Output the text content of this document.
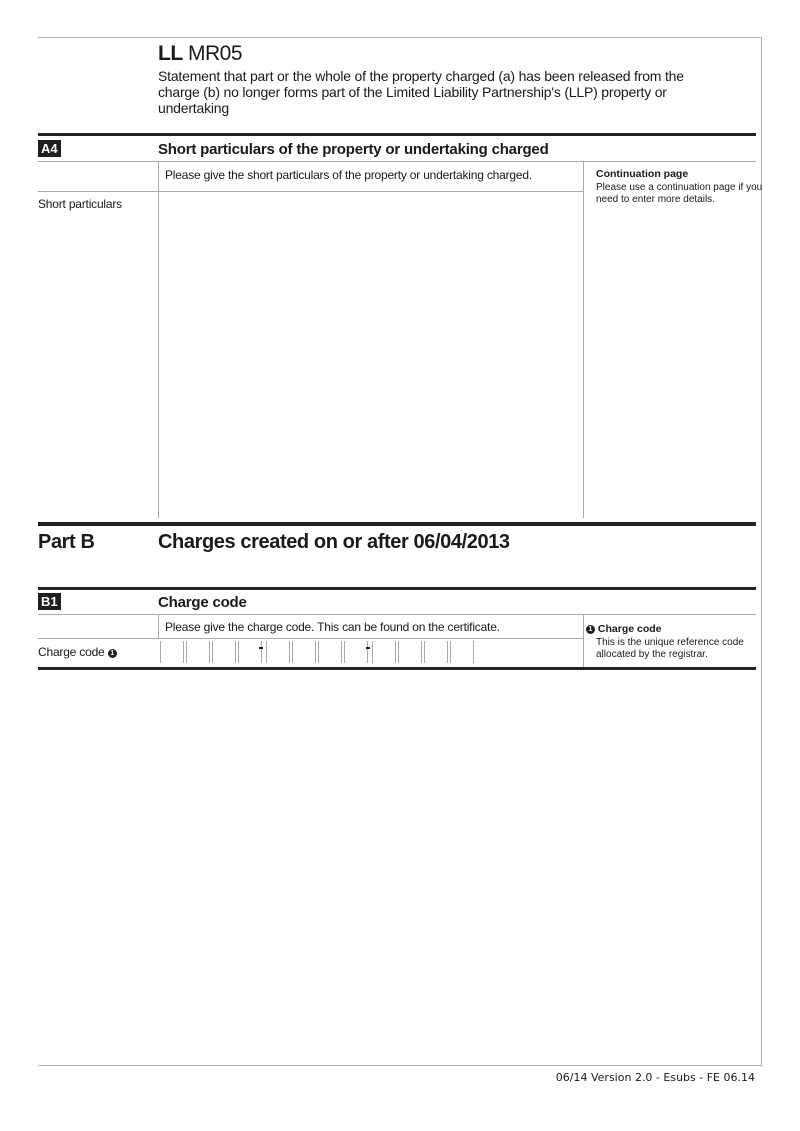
LL MR05
Statement that part or the whole of the property charged (a) has been released from the charge (b) no longer forms part of the Limited Liability Partnership's (LLP) property or undertaking
A4	Short particulars of the property or undertaking charged
Please give the short particulars of the property or undertaking charged.
Short particulars
Continuation page
Please use a continuation page if you need to enter more details.
Part B	Charges created on or after 06/04/2013
B1	Charge code
Please give the charge code. This can be found on the certificate.
Charge code 1
1 Charge code
This is the unique reference code allocated by the registrar.
06/14 Version 2.0 - Esubs - FE 06.14
